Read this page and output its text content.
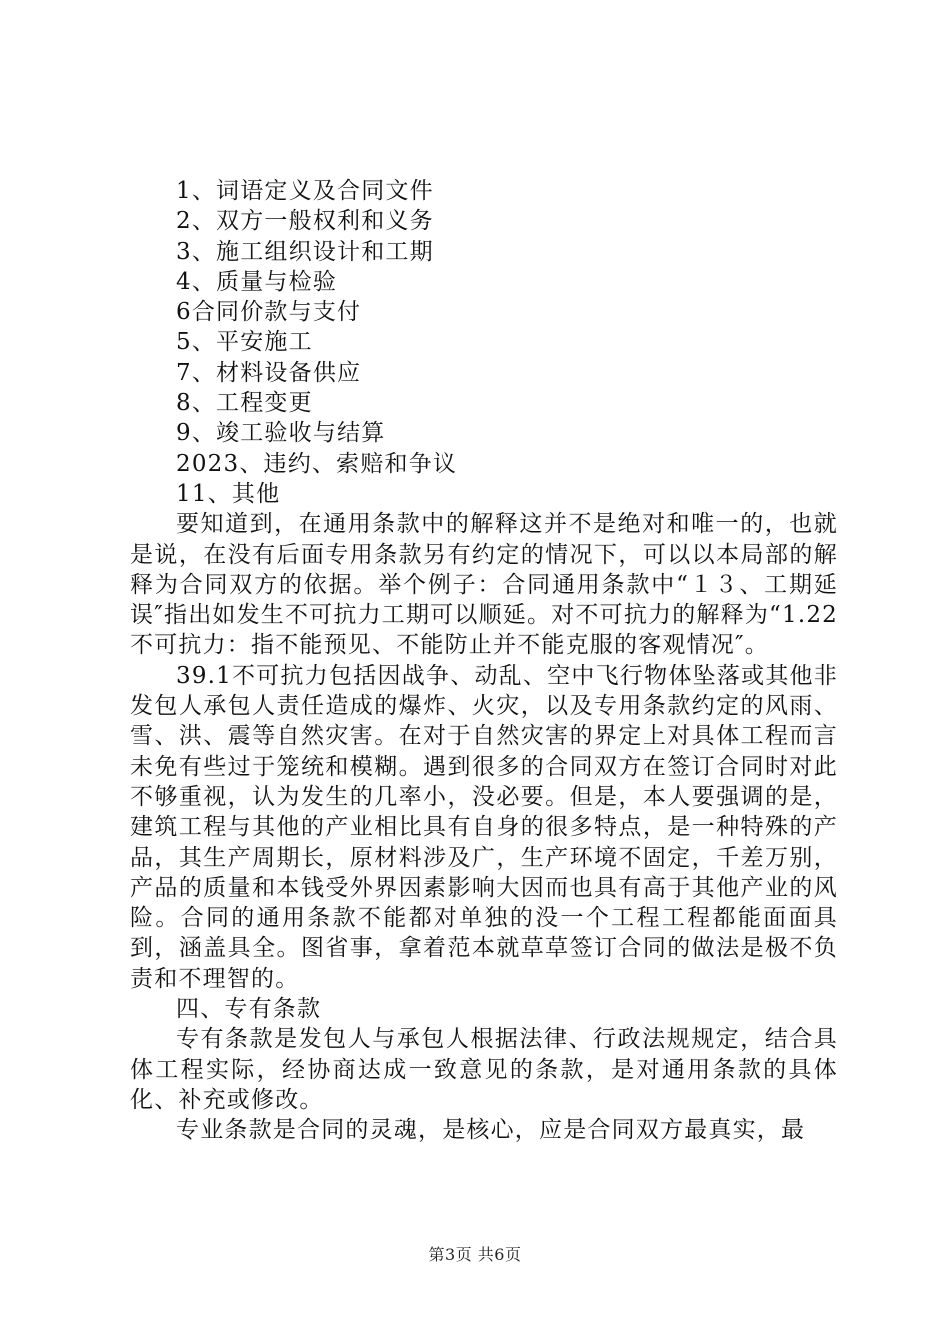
1、词语定义及合同文件

2、双方一般权利和义务

3、施工组织设计和工期

4、质量与检验

6合同价款与支付

5、平安施工

7、材料设备供应

8、工程变更

9、竣工验收与结算

2023、违约、索赔和争议

11、其他

要知道到，在通用条款中的解释这并不是绝对和唯一的，也就是说，在没有后面专用条款另有约定的情况下，可以以本局部的解释为合同双方的依据。举个例子：合同通用条款中“１３、工期延误″指出如发生不可抗力工期可以顺延。对不可抗力的解释为“1.22不可抗力：指不能预见、不能防止并不能克服的客观情况″。

39.1不可抗力包括因战争、动乱、空中飞行物体坠落或其他非发包人承包人责任造成的爆炸、火灾，以及专用条款约定的风雨、雪、洪、震等自然灾害。在对于自然灾害的界定上对具体工程而言未免有些过于笼统和模糊。遇到很多的合同双方在签订合同时对此不够重视，认为发生的几率小，没必要。但是，本人要强调的是，建筑工程与其他的产业相比具有自身的很多特点，是一种特殊的产品，其生产周期长，原材料涉及广，生产环境不固定，千差万别，产品的质量和本钱受外界因素影响大因而也具有高于其他产业的风险。合同的通用条款不能都对单独的没一个工程工程都能面面具到，涵盖具全。图省事，拿着范本就草草签订合同的做法是极不负责和不理智的。

四、专有条款

专有条款是发包人与承包人根据法律、行政法规规定，结合具体工程实际，经协商达成一致意见的条款，是对通用条款的具体化、补充或修改。

专业条款是合同的灵魂，是核心，应是合同双方最真实，最

第3页 共6页
